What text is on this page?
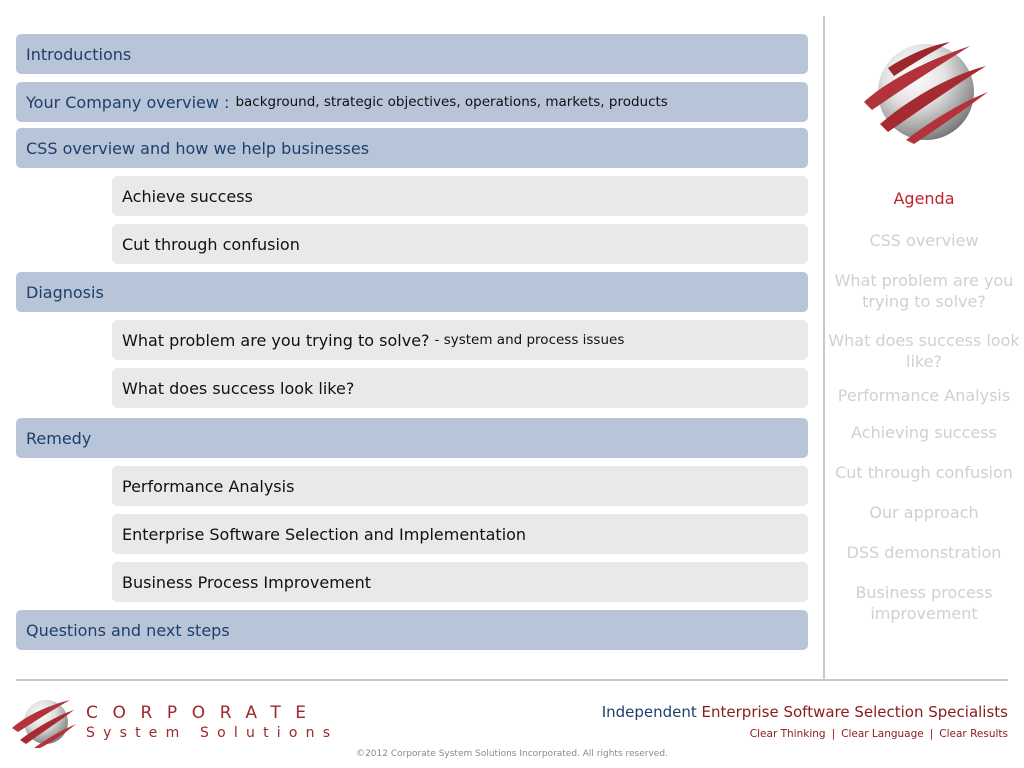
Introductions
Your Company overview : background, strategic objectives, operations, markets, products
CSS overview and how we help businesses
Achieve success
Cut through confusion
Diagnosis
What problem are you trying to solve? - system and process issues
What does success look like?
Remedy
Performance Analysis
Enterprise Software Selection and Implementation
Business Process Improvement
Questions and next steps
Agenda
CSS overview
What problem are you trying to solve?
What does success look like?
Performance Analysis
Achieving success
Cut through confusion
Our approach
DSS demonstration
Business process improvement
CORPORATE
System Solutions
Independent Enterprise Software Selection Specialists
Clear Thinking | Clear Language | Clear Results
©2012 Corporate System Solutions Incorporated. All rights reserved.
